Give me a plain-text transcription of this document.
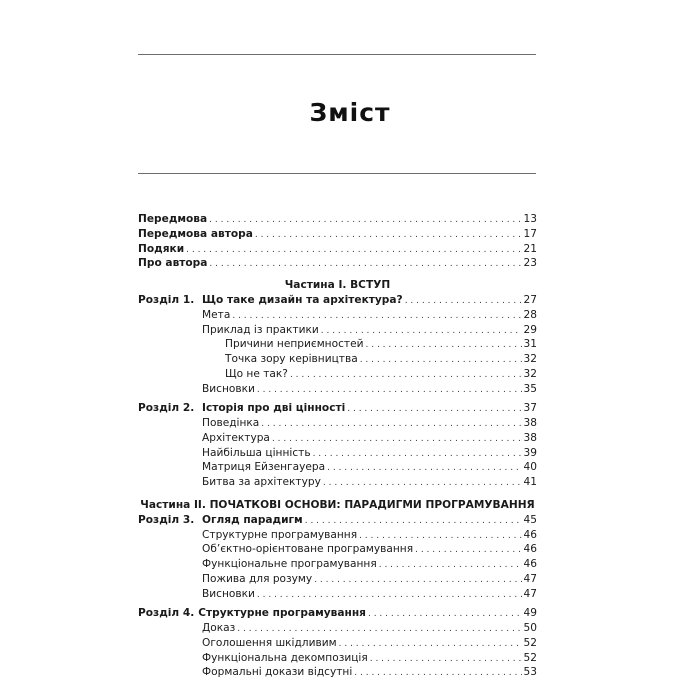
Зміст
Передмова . . .	13
Передмова автора . . .	17
Подяки . . .	21
Про автора . . .	23
Частина I. ВСТУП
Розділ 1. Що таке дизайн та архітектура? . . .	27
Мета . . .	28
Приклад із практики . . .	29
Причини неприємностей . . .	31
Точка зору керівництва . . .	32
Що не так? . . .	32
Висновки . . .	35
Розділ 2. Історія про дві цінності . . .	37
Поведінка . . .	38
Архітектура . . .	38
Найбільша цінність . . .	39
Матриця Ейзенгауера . . .	40
Битва за архітектуру . . .	41
Частина II. ПОЧАТКОВІ ОСНОВИ: ПАРАДИГМИ ПРОГРАМУВАННЯ
Розділ 3. Огляд парадигм . . .	45
Структурне програмування . . .	46
Об’єктно-орієнтоване програмування . . .	46
Функціональне програмування . . .	46
Пожива для розуму . . .	47
Висновки . . .	47
Розділ 4. Структурне програмування . . .	49
Доказ . . .	50
Оголошення шкідливим . . .	52
Функціональна декомпозиція . . .	52
Формальні докази відсутні . . .	53
